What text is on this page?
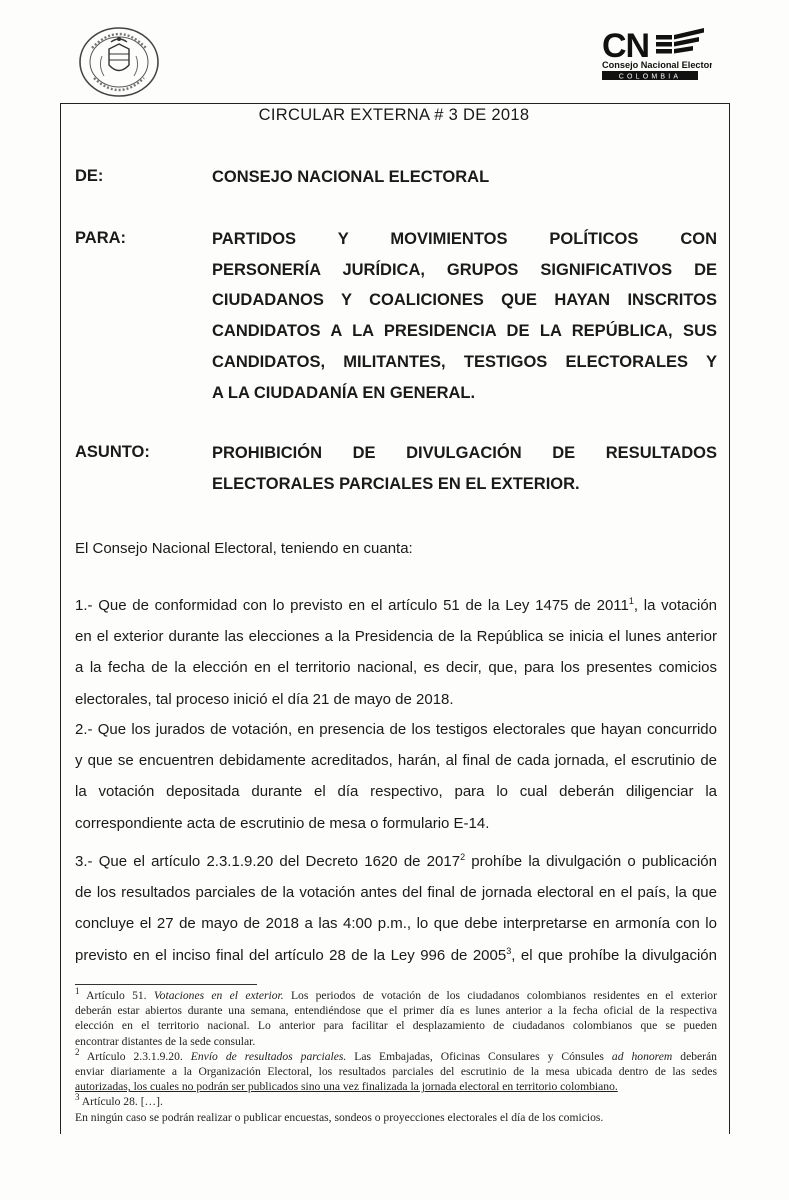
CN
Consejo Nacional Electoral
COLOMBIA
CIRCULAR EXTERNA # 3 DE 2018
DE:	CONSEJO NACIONAL ELECTORAL
PARA:	PARTIDOS Y MOVIMIENTOS POLÍTICOS CON
PERSONERÍA JURÍDICA, GRUPOS SIGNIFICATIVOS DE
CIUDADANOS Y COALICIONES QUE HAYAN INSCRITOS
CANDIDATOS A LA PRESIDENCIA DE LA REPÚBLICA, SUS
CANDIDATOS, MILITANTES, TESTIGOS ELECTORALES Y
A LA CIUDADANÍA EN GENERAL.
ASUNTO:	PROHIBICIÓN DE DIVULGACIÓN DE RESULTADOS
ELECTORALES PARCIALES EN EL EXTERIOR.
El Consejo Nacional Electoral, teniendo en cuanta:
1.- Que de conformidad con lo previsto en el artículo 51 de la Ley 1475 de 2011$^1$, la votación
en el exterior durante las elecciones a la Presidencia de la República se inicia el lunes anterior
a la fecha de la elección en el territorio nacional, es decir, que, para los presentes comicios
electorales, tal proceso inició el día 21 de mayo de 2018.
2.- Que los jurados de votación, en presencia de los testigos electorales que hayan concurrido
y que se encuentren debidamente acreditados, harán, al final de cada jornada, el escrutinio de
la votación depositada durante el día respectivo, para lo cual deberán diligenciar la
correspondiente acta de escrutinio de mesa o formulario E-14.
3.- Que el artículo 2.3.1.9.20 del Decreto 1620 de 2017$^2$ prohíbe la divulgación o publicación
de los resultados parciales de la votación antes del final de jornada electoral en el país, la que
concluye el 27 de mayo de 2018 a las 4:00 p.m., lo que debe interpretarse en armonía con lo
previsto en el inciso final del artículo 28 de la Ley 996 de 2005$^3$, el que prohíbe la divulgación
$^1$ Artículo 51. Votaciones en el exterior. Los periodos de votación de los ciudadanos colombianos residentes en el exterior
deberán estar abiertos durante una semana, entendiéndose que el primer día es lunes anterior a la fecha oficial de la respectiva
elección en el territorio nacional. Lo anterior para facilitar el desplazamiento de ciudadanos colombianos que se pueden
encontrar distantes de la sede consular.
$^2$ Artículo 2.3.1.9.20. Envío de resultados parciales. Las Embajadas, Oficinas Consulares y Cónsules ad honorem deberán
enviar diariamente a la Organización Electoral, los resultados parciales del escrutinio de la mesa ubicada dentro de las sedes
autorizadas, los cuales no podrán ser publicados sino una vez finalizada la jornada electoral en territorio colombiano.
$^3$ Artículo 28. […].
En ningún caso se podrán realizar o publicar encuestas, sondeos o proyecciones electorales el día de los comicios.
